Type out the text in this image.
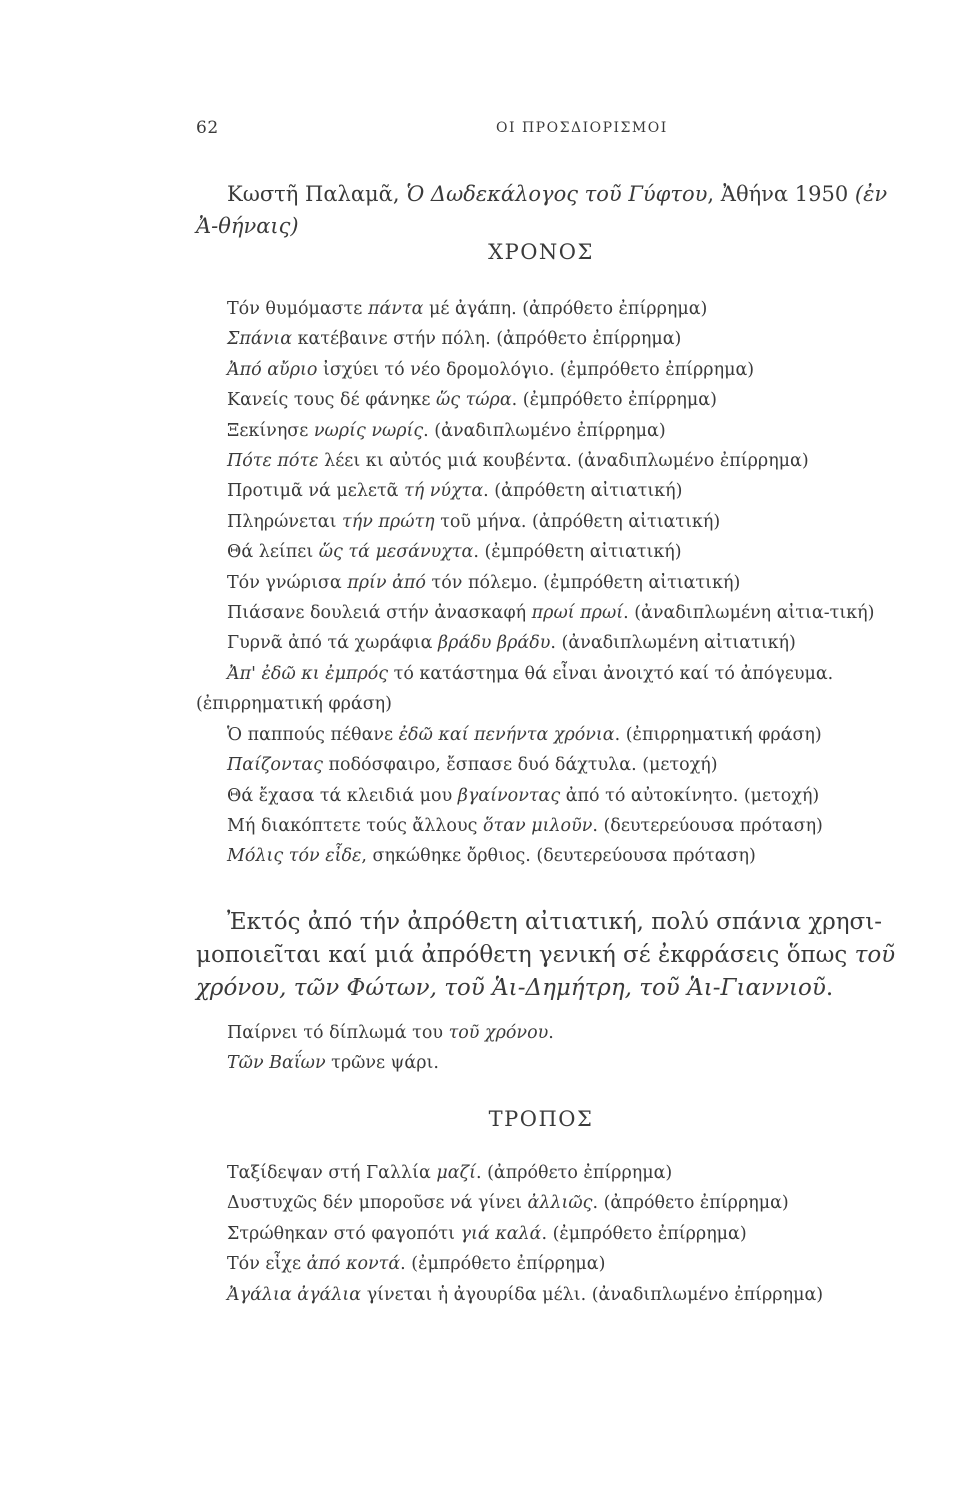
62	ΟΙ ΠΡΟΣΔΙΟΡΙΣΜΟΙ
Κωστῆ Παλαμᾶ, Ὁ Δωδεκάλογος τοῦ Γύφτου, Ἀθήνα 1950 (ἐν Ἀ-θήναις)
ΧΡΟΝΟΣ

Τόν θυμόμαστε πάντα μέ ἀγάπη. (ἀπρόθετο ἐπίρρημα)

Σπάνια κατέβαινε στήν πόλη. (ἀπρόθετο ἐπίρρημα)

Ἀπό αὔριο ἰσχύει τό νέο δρομολόγιο. (ἐμπρόθετο ἐπίρρημα)

Κανείς τους δέ φάνηκε ὥς τώρα. (ἐμπρόθετο ἐπίρρημα)

Ξεκίνησε νωρίς νωρίς. (ἀναδιπλωμένο ἐπίρρημα)

Πότε πότε λέει κι αὐτός μιά κουβέντα. (ἀναδιπλωμένο ἐπίρρημα)

Προτιμᾶ νά μελετᾶ τή νύχτα. (ἀπρόθετη αἰτιατική)

Πληρώνεται τήν πρώτη τοῦ μήνα. (ἀπρόθετη αἰτιατική)

Θά λείπει ὥς τά μεσάνυχτα. (ἐμπρόθετη αἰτιατική)

Τόν γνώρισα πρίν ἀπό τόν πόλεμο. (ἐμπρόθετη αἰτιατική)

Πιάσανε δουλειά στήν ἀνασκαφή πρωί πρωί. (ἀναδιπλωμένη αἰτια-τική)

Γυρνᾶ ἀπό τά χωράφια βράδυ βράδυ. (ἀναδιπλωμένη αἰτιατική)

Ἀπ' ἐδῶ κι ἐμπρός τό κατάστημα θά εἶναι ἀνοιχτό καί τό ἀπόγευμα. (ἐπιρρηματική φράση)

Ὁ παππούς πέθανε ἐδῶ καί πενήντα χρόνια. (ἐπιρρηματική φράση)

Παίζοντας ποδόσφαιρο, ἔσπασε δυό δάχτυλα. (μετοχή)

Θά ἔχασα τά κλειδιά μου βγαίνοντας ἀπό τό αὐτοκίνητο. (μετοχή)

Μή διακόπτετε τούς ἄλλους ὅταν μιλοῦν. (δευτερεύουσα πρόταση)

Μόλις τόν εἶδε, σηκώθηκε ὄρθιος. (δευτερεύουσα πρόταση)

Ἐκτός ἀπό τήν ἀπρόθετη αἰτιατική, πολύ σπάνια χρησι-μοποιεῖται καί μιά ἀπρόθετη γενική σέ ἐκφράσεις ὅπως τοῦ χρόνου, τῶν Φώτων, τοῦ Ἁι-Δημήτρη, τοῦ Ἁι-Γιαννιοῦ.

Παίρνει τό δίπλωμά του τοῦ χρόνου.

Τῶν Βαΐων τρῶνε ψάρι.

ΤΡΟΠΟΣ

Ταξίδεψαν στή Γαλλία μαζί. (ἀπρόθετο ἐπίρρημα)

Δυστυχῶς δέν μποροῦσε νά γίνει ἀλλιῶς. (ἀπρόθετο ἐπίρρημα)

Στρώθηκαν στό φαγοπότι γιά καλά. (ἐμπρόθετο ἐπίρρημα)

Τόν εἶχε ἀπό κοντά. (ἐμπρόθετο ἐπίρρημα)

Ἀγάλια ἀγάλια γίνεται ἡ ἀγουρίδα μέλι. (ἀναδιπλωμένο ἐπίρρημα)
